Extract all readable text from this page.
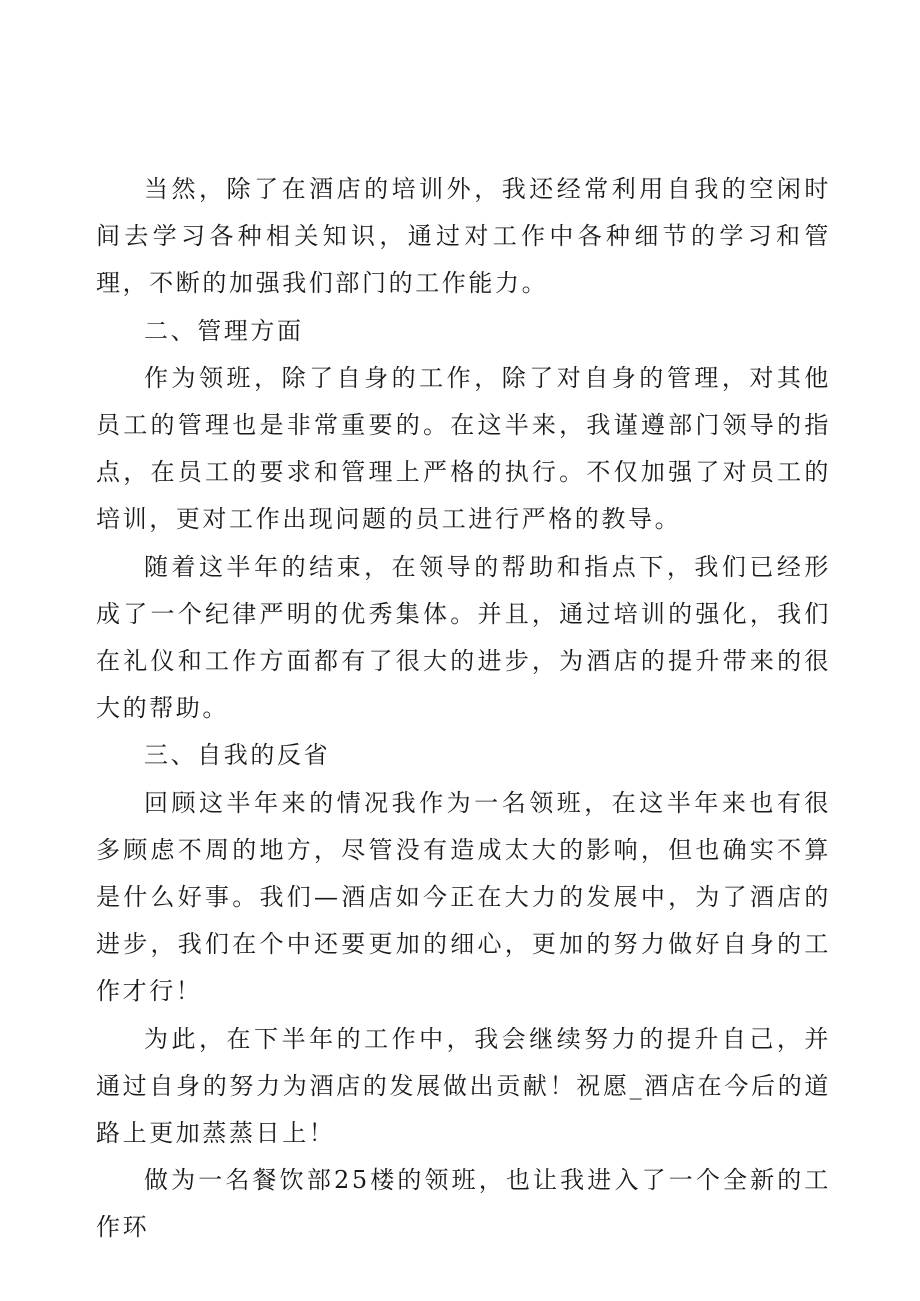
当然，除了在酒店的培训外，我还经常利用自我的空闲时间去学习各种相关知识，通过对工作中各种细节的学习和管理，不断的加强我们部门的工作能力。

二、管理方面

作为领班，除了自身的工作，除了对自身的管理，对其他员工的管理也是非常重要的。在这半来，我谨遵部门领导的指点，在员工的要求和管理上严格的执行。不仅加强了对员工的培训，更对工作出现问题的员工进行严格的教导。

随着这半年的结束，在领导的帮助和指点下，我们已经形成了一个纪律严明的优秀集体。并且，通过培训的强化，我们在礼仪和工作方面都有了很大的进步，为酒店的提升带来的很大的帮助。

三、自我的反省

回顾这半年来的情况我作为一名领班，在这半年来也有很多顾虑不周的地方，尽管没有造成太大的影响，但也确实不算是什么好事。我们—酒店如今正在大力的发展中，为了酒店的进步，我们在个中还要更加的细心，更加的努力做好自身的工作才行！

为此，在下半年的工作中，我会继续努力的提升自己，并通过自身的努力为酒店的发展做出贡献！祝愿_酒店在今后的道路上更加蒸蒸日上！

做为一名餐饮部25楼的领班，也让我进入了一个全新的工作环
